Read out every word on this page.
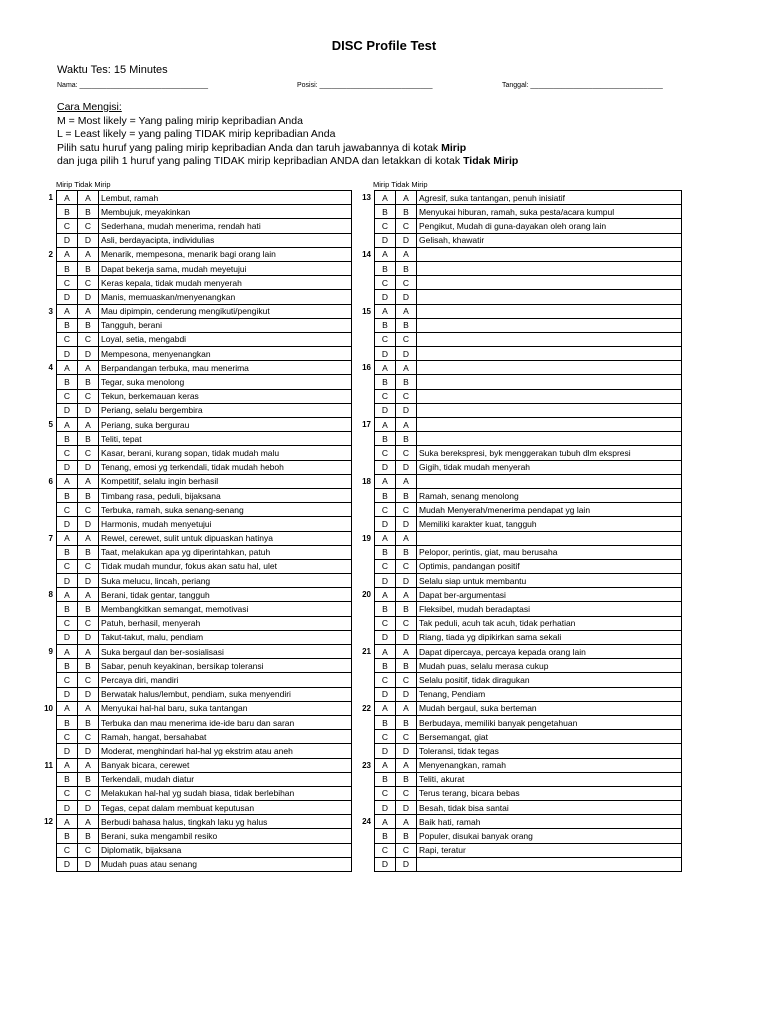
DISC Profile Test
Waktu Tes: 15 Minutes
Nama: _________________________________	Posisi: _____________________________	Tanggal: __________________________________
Cara Mengisi:
M = Most likely = Yang paling mirip kepribadian Anda
L = Least likely = yang paling TIDAK mirip kepribadian Anda
Pilih satu huruf yang paling mirip kepribadian Anda dan taruh jawabannya di kotak Mirip
dan juga pilih 1 huruf yang paling TIDAK mirip kepribadian ANDA dan letakkan di kotak Tidak Mirip
Mirip Tidak Mirip	Mirip Tidak Mirip
1	A	A	Lembut, ramah
	B	B	Membujuk, meyakinkan
	C	C	Sederhana, mudah menerima, rendah hati
	D	D	Asli, berdayacipta, individulias
2	A	A	Menarik, mempesona, menarik bagi orang lain
	B	B	Dapat bekerja sama, mudah meyetujui
	C	C	Keras kepala, tidak mudah menyerah
	D	D	Manis, memuaskan/menyenangkan
3	A	A	Mau dipimpin, cenderung mengikuti/pengikut
	B	B	Tangguh, berani
	C	C	Loyal, setia, mengabdi
	D	D	Mempesona, menyenangkan
4	A	A	Berpandangan terbuka, mau menerima
	B	B	Tegar, suka menolong
	C	C	Tekun, berkemauan keras
	D	D	Periang, selalu bergembira
5	A	A	Periang, suka bergurau
	B	B	Teliti, tepat
	C	C	Kasar, berani, kurang sopan, tidak mudah malu
	D	D	Tenang, emosi yg terkendali, tidak mudah heboh
6	A	A	Kompetitif, selalu ingin berhasil
	B	B	Timbang rasa, peduli, bijaksana
	C	C	Terbuka, ramah, suka senang-senang
	D	D	Harmonis, mudah menyetujui
7	A	A	Rewel, cerewet, sulit untuk dipuaskan hatinya
	B	B	Taat, melakukan apa yg diperintahkan, patuh
	C	C	Tidak mudah mundur, fokus akan satu hal, ulet
	D	D	Suka melucu, lincah, periang
8	A	A	Berani, tidak gentar, tangguh
	B	B	Membangkitkan semangat, memotivasi
	C	C	Patuh, berhasil, menyerah
	D	D	Takut-takut, malu, pendiam
9	A	A	Suka bergaul dan ber-sosialisasi
	B	B	Sabar, penuh keyakinan, bersikap toleransi
	C	C	Percaya diri, mandiri
	D	D	Berwatak halus/lembut, pendiam, suka menyendiri
10	A	A	Menyukai hal-hal baru, suka tantangan
	B	B	Terbuka dan mau menerima ide-ide baru dan saran
	C	C	Ramah, hangat, bersahabat
	D	D	Moderat, menghindari hal-hal yg ekstrim atau aneh
11	A	A	Banyak bicara, cerewet
	B	B	Terkendali, mudah diatur
	C	C	Melakukan hal-hal yg sudah biasa, tidak berlebihan
	D	D	Tegas, cepat dalam membuat keputusan
12	A	A	Berbudi bahasa halus, tingkah laku yg halus
	B	B	Berani, suka mengambil resiko
	C	C	Diplomatik, bijaksana
	D	D	Mudah puas atau senang
13	A	A	Agresif, suka tantangan, penuh inisiatif
	B	B	Menyukai hiburan, ramah, suka pesta/acara kumpul
	C	C	Pengikut, Mudah di guna-dayakan oleh orang lain
	D	D	Gelisah, khawatir
14	A	A	
	B	B	
	C	C	
	D	D	
15	A	A	
	B	B	
	C	C	
	D	D	
16	A	A	
	B	B	
	C	C	
	D	D	
17	A	A	
	B	B	
	C	C	Suka berekspresi, byk menggerakan tubuh dlm ekspresi
	D	D	Gigih, tidak mudah menyerah
18	A	A	
	B	B	Ramah, senang menolong
	C	C	Mudah Menyerah/menerima pendapat yg lain
	D	D	Memiliki karakter kuat, tangguh
19	A	A	
	B	B	Pelopor, perintis, giat, mau berusaha
	C	C	Optimis, pandangan positif
	D	D	Selalu siap untuk membantu
20	A	A	Dapat ber-argumentasi
	B	B	Fleksibel, mudah beradaptasi
	C	C	Tak peduli, acuh tak acuh, tidak perhatian
	D	D	Riang, tiada yg dipikirkan sama sekali
21	A	A	Dapat dipercaya, percaya kepada orang lain
	B	B	Mudah puas, selalu merasa cukup
	C	C	Selalu positif, tidak diragukan
	D	D	Tenang, Pendiam
22	A	A	Mudah bergaul, suka berteman
	B	B	Berbudaya, memiliki banyak pengetahuan
	C	C	Bersemangat, giat
	D	D	Toleransi, tidak tegas
23	A	A	Menyenangkan, ramah
	B	B	Teliti, akurat
	C	C	Terus terang, bicara bebas
	D	D	Besah, tidak bisa santai
24	A	A	Baik hati, ramah
	B	B	Populer, disukai banyak orang
	C	C	Rapi, teratur
	D	D	
